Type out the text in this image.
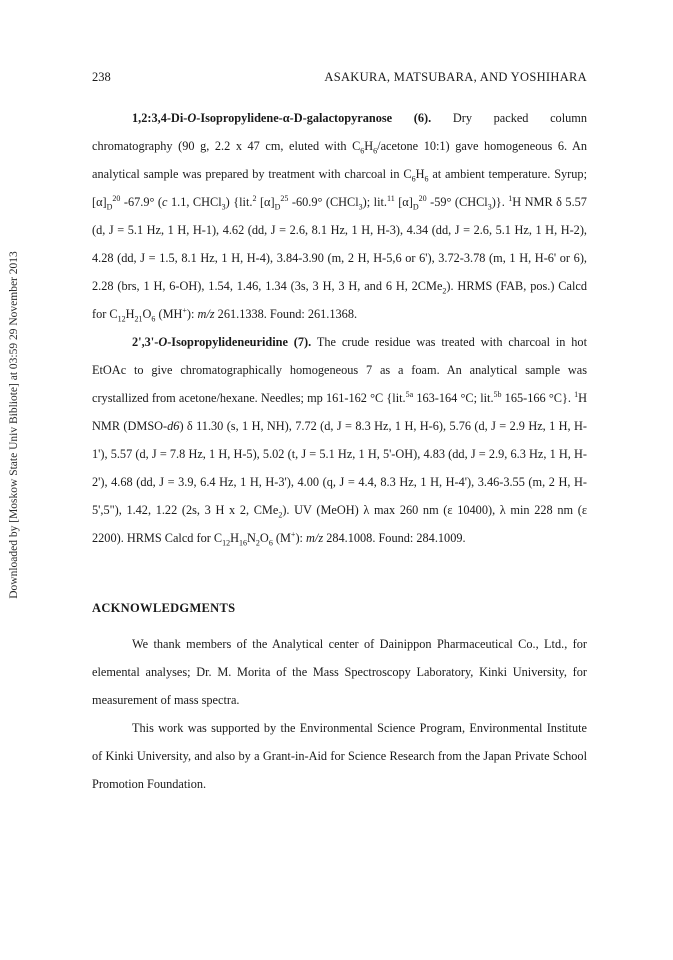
238	ASAKURA, MATSUBARA, AND YOSHIHARA
Downloaded by [Moskow State Univ Bibliote] at 03:59 29 November 2013

1,2:3,4-Di-O-Isopropylidene-α-D-galactopyranose (6). Dry packed column chromatography (90 g, 2.2 x 47 cm, eluted with $C_6H_6$/acetone 10:1) gave homogeneous 6. An analytical sample was prepared by treatment with charcoal in $C_6H_6$ at ambient temperature. Syrup; $[\alpha]_D^{20}$ -67.9° (c 1.1, CHCl$_3$) {lit.$^2$ $[\alpha]_D^{25}$ -60.9° (CHCl$_3$); lit.$^{11}$ $[\alpha]_D^{20}$ -59° (CHCl$_3$)}. $^1$H NMR δ 5.57 (d, J = 5.1 Hz, 1 H, H-1), 4.62 (dd, J = 2.6, 8.1 Hz, 1 H, H-3), 4.34 (dd, J = 2.6, 5.1 Hz, 1 H, H-2), 4.28 (dd, J = 1.5, 8.1 Hz, 1 H, H-4), 3.84-3.90 (m, 2 H, H-5,6 or 6'), 3.72-3.78 (m, 1 H, H-6' or 6), 2.28 (brs, 1 H, 6-OH), 1.54, 1.46, 1.34 (3s, 3 H, 3 H, and 6 H, 2CMe$_2$). HRMS (FAB, pos.) Calcd for $C_{12}H_{21}O_6$ (MH+): m/z 261.1338. Found: 261.1368.

2',3'-O-Isopropylideneuridine (7). The crude residue was treated with charcoal in hot EtOAc to give chromatographically homogeneous 7 as a foam. An analytical sample was crystallized from acetone/hexane. Needles; mp 161-162 °C {lit.$^{5a}$ 163-164 °C; lit.$^{5b}$ 165-166 °C}. $^1$H NMR (DMSO-d6) δ 11.30 (s, 1 H, NH), 7.72 (d, J = 8.3 Hz, 1 H, H-6), 5.76 (d, J = 2.9 Hz, 1 H, H-1'), 5.57 (d, J = 7.8 Hz, 1 H, H-5), 5.02 (t, J = 5.1 Hz, 1 H, 5'-OH), 4.83 (dd, J = 2.9, 6.3 Hz, 1 H, H-2'), 4.68 (dd, J = 3.9, 6.4 Hz, 1 H, H-3'), 4.00 (q, J = 4.4, 8.3 Hz, 1 H, H-4'), 3.46-3.55 (m, 2 H, H-5',5"), 1.42, 1.22 (2s, 3 H x 2, CMe$_2$). UV (MeOH) λ max 260 nm (ε 10400), λ min 228 nm (ε 2200). HRMS Calcd for $C_{12}H_{16}N_2O_6$ (M+): m/z 284.1008. Found: 284.1009.

ACKNOWLEDGMENTS

We thank members of the Analytical center of Dainippon Pharmaceutical Co., Ltd., for elemental analyses; Dr. M. Morita of the Mass Spectroscopy Laboratory, Kinki University, for measurement of mass spectra.

This work was supported by the Environmental Science Program, Environmental Institute of Kinki University, and also by a Grant-in-Aid for Science Research from the Japan Private School Promotion Foundation.
